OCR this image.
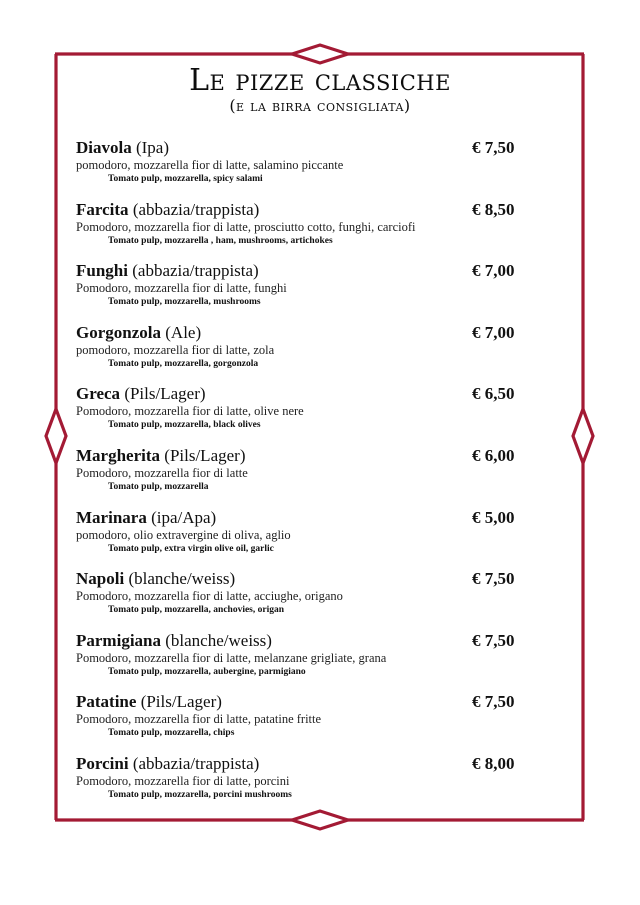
Le pizze classiche
(e la birra consigliata)
Diavola (Ipa)
pomodoro, mozzarella fior di latte, salamino piccante
Tomato pulp, mozzarella, spicy salami
€ 7,50
Farcita (abbazia/trappista)
Pomodoro, mozzarella fior di latte, prosciutto cotto, funghi, carciofi
Tomato pulp, mozzarella , ham, mushrooms, artichokes
€ 8,50
Funghi (abbazia/trappista)
Pomodoro, mozzarella fior di latte, funghi
Tomato pulp, mozzarella, mushrooms
€ 7,00
Gorgonzola (Ale)
pomodoro, mozzarella fior di latte, zola
Tomato pulp, mozzarella, gorgonzola
€ 7,00
Greca (Pils/Lager)
Pomodoro, mozzarella fior di latte, olive nere
Tomato pulp, mozzarella, black olives
€ 6,50
Margherita (Pils/Lager)
Pomodoro, mozzarella fior di latte
Tomato pulp, mozzarella
€ 6,00
Marinara (ipa/Apa)
pomodoro, olio extravergine di oliva, aglio
Tomato pulp, extra virgin olive oil, garlic
€ 5,00
Napoli (blanche/weiss)
Pomodoro, mozzarella fior di latte, acciughe, origano
Tomato pulp, mozzarella, anchovies, origan
€ 7,50
Parmigiana (blanche/weiss)
Pomodoro, mozzarella fior di latte, melanzane grigliate, grana
Tomato pulp, mozzarella, aubergine, parmigiano
€ 7,50
Patatine (Pils/Lager)
Pomodoro, mozzarella fior di latte, patatine fritte
Tomato pulp, mozzarella, chips
€ 7,50
Porcini (abbazia/trappista)
Pomodoro, mozzarella fior di latte, porcini
Tomato pulp, mozzarella, porcini mushrooms
€ 8,00
